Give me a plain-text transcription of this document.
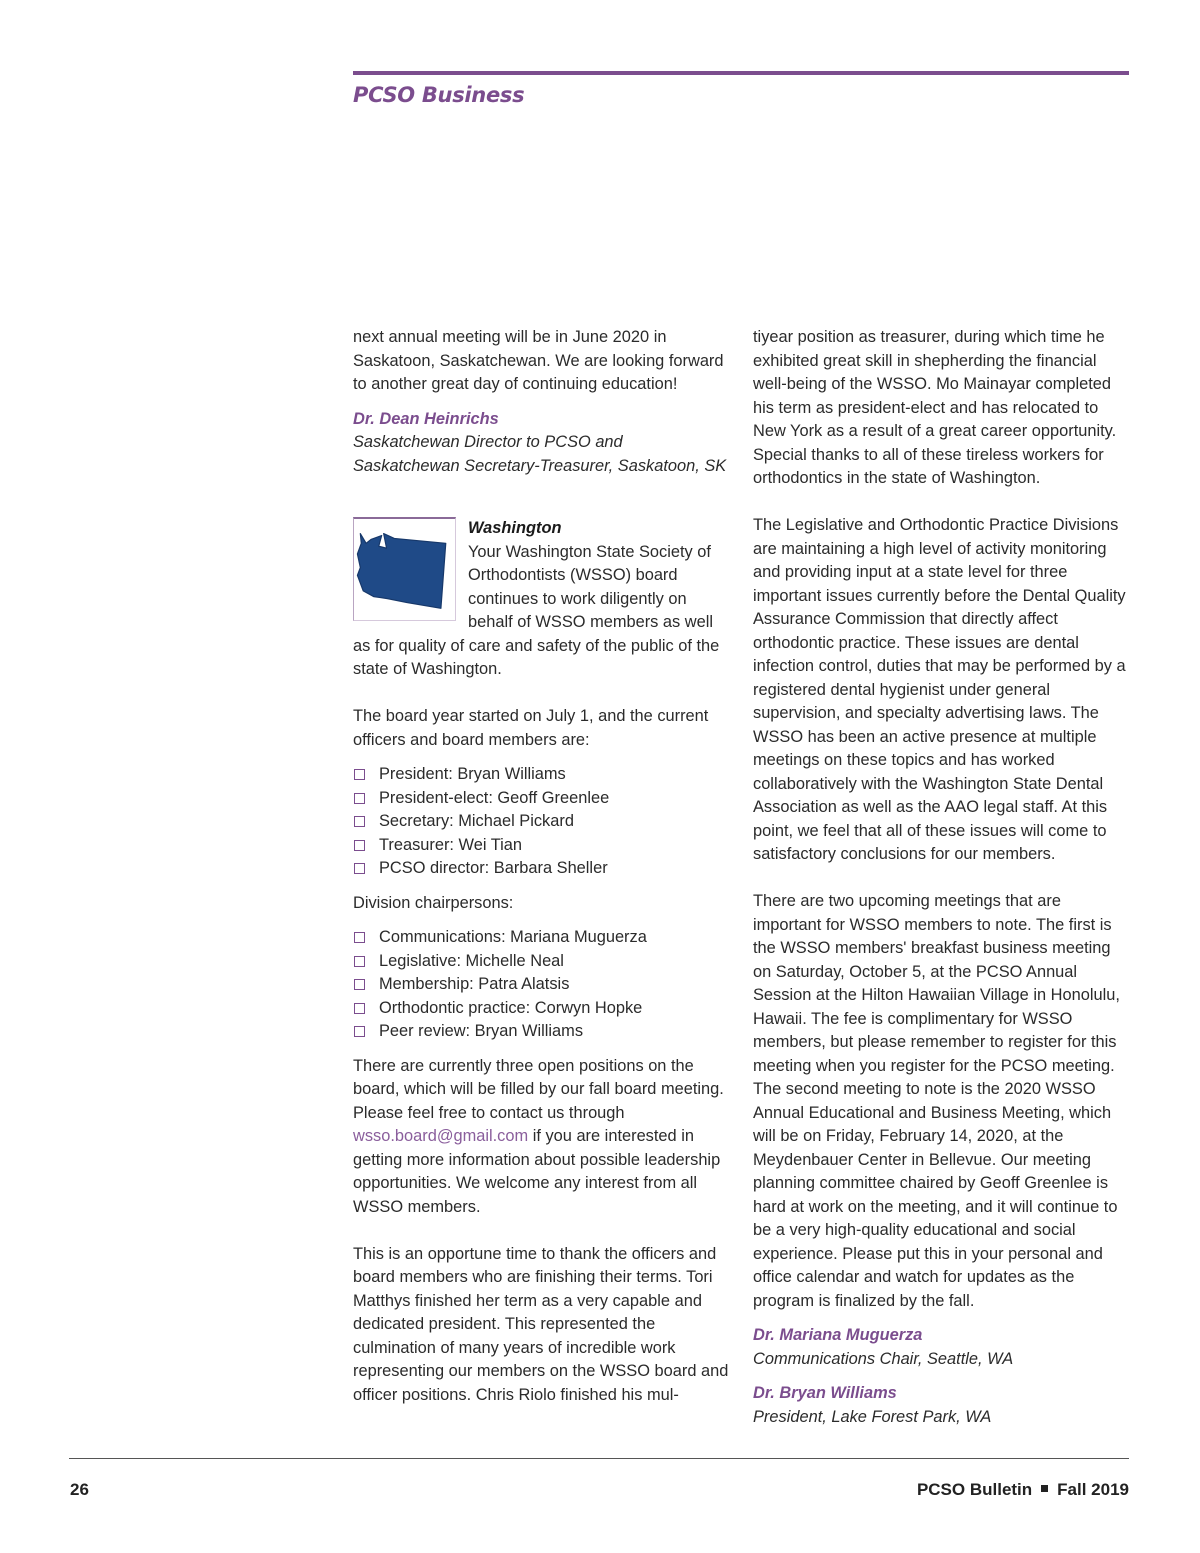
PCSO Business

next annual meeting will be in June 2020 in Saskatoon, Saskatchewan. We are looking forward to another great day of continuing education!

Dr. Dean Heinrichs

Saskatchewan Director to PCSO and Saskatchewan Secretary-Treasurer, Saskatoon, SK

Washington

Your Washington State Society of Orthodontists (WSSO) board continues to work diligently on behalf of WSSO members as well as for quality of care and safety of the public of the state of Washington.

The board year started on July 1, and the current officers and board members are:

President: Bryan Williams
President-elect: Geoff Greenlee
Secretary: Michael Pickard
Treasurer: Wei Tian
PCSO director: Barbara Sheller

Division chairpersons:

Communications: Mariana Muguerza
Legislative: Michelle Neal
Membership: Patra Alatsis
Orthodontic practice: Corwyn Hopke
Peer review: Bryan Williams

There are currently three open positions on the board, which will be filled by our fall board meeting. Please feel free to contact us through wsso.board@gmail.com if you are interested in getting more information about possible leadership opportunities. We welcome any interest from all WSSO members.

This is an opportune time to thank the officers and board members who are finishing their terms. Tori Matthys finished her term as a very capable and dedicated president. This represented the culmination of many years of incredible work representing our members on the WSSO board and officer positions. Chris Riolo finished his mul-

tiyear position as treasurer, during which time he exhibited great skill in shepherding the financial well-being of the WSSO. Mo Mainayar completed his term as president-elect and has relocated to New York as a result of a great career opportunity. Special thanks to all of these tireless workers for orthodontics in the state of Washington.

The Legislative and Orthodontic Practice Divisions are maintaining a high level of activity monitoring and providing input at a state level for three important issues currently before the Dental Quality Assurance Commission that directly affect orthodontic practice. These issues are dental infection control, duties that may be performed by a registered dental hygienist under general supervision, and specialty advertising laws. The WSSO has been an active presence at multiple meetings on these topics and has worked collaboratively with the Washington State Dental Association as well as the AAO legal staff. At this point, we feel that all of these issues will come to satisfactory conclusions for our members.

There are two upcoming meetings that are important for WSSO members to note. The first is the WSSO members' breakfast business meeting on Saturday, October 5, at the PCSO Annual Session at the Hilton Hawaiian Village in Honolulu, Hawaii. The fee is complimentary for WSSO members, but please remember to register for this meeting when you register for the PCSO meeting. The second meeting to note is the 2020 WSSO Annual Educational and Business Meeting, which will be on Friday, February 14, 2020, at the Meydenbauer Center in Bellevue. Our meeting planning committee chaired by Geoff Greenlee is hard at work on the meeting, and it will continue to be a very high-quality educational and social experience. Please put this in your personal and office calendar and watch for updates as the program is finalized by the fall.

Dr. Mariana Muguerza

Communications Chair, Seattle, WA

Dr. Bryan Williams

President, Lake Forest Park, WA

26	PCSO Bulletin Fall 2019
